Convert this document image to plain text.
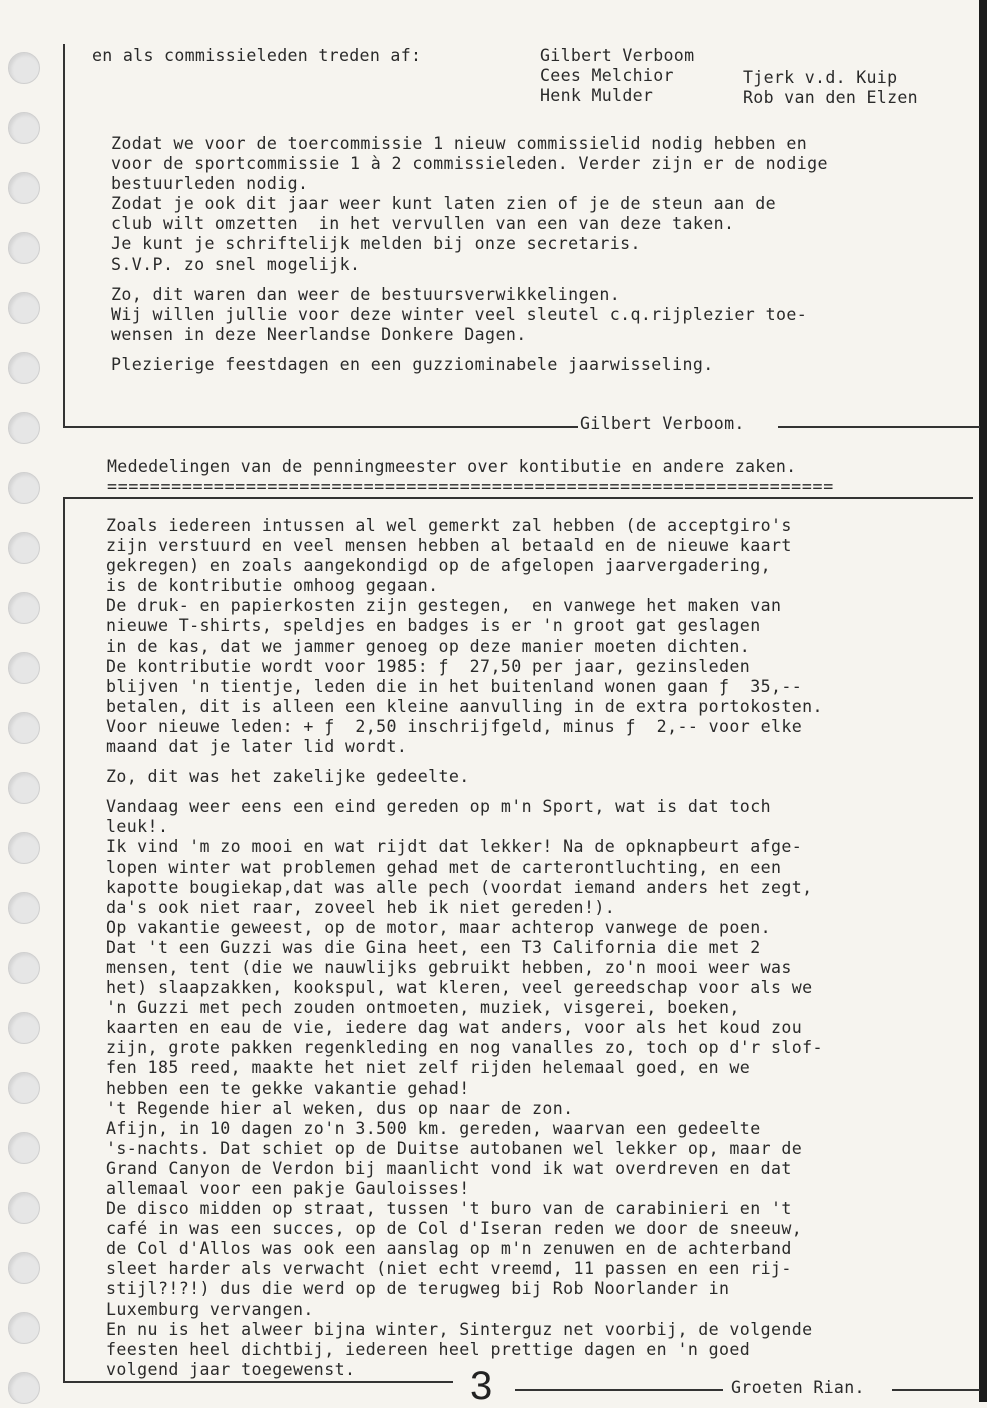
en als commissieleden treden af:	Gilbert Verboom
Cees Melchior
Henk Mulder
Tjerk v.d. Kuip
Rob van den Elzen
Zodat we voor de toercommissie 1 nieuw commissielid nodig hebben en
voor de sportcommissie 1 à 2 commissieleden. Verder zijn er de nodige
bestuurleden nodig.
Zodat je ook dit jaar weer kunt laten zien of je de steun aan de
club wilt omzetten  in het vervullen van een van deze taken.
Je kunt je schriftelijk melden bij onze secretaris.
S.V.P. zo snel mogelijk.
Zo, dit waren dan weer de bestuursverwikkelingen.
Wij willen jullie voor deze winter veel sleutel c.q.rijplezier toe-
wensen in deze Neerlandse Donkere Dagen.
Plezierige feestdagen en een guzziominabele jaarwisseling.
Gilbert Verboom.
Mededelingen van de penningmeester over kontibutie en andere zaken.
====================================================================
Zoals iedereen intussen al wel gemerkt zal hebben (de acceptgiro's
zijn verstuurd en veel mensen hebben al betaald en de nieuwe kaart
gekregen) en zoals aangekondigd op de afgelopen jaarvergadering,
is de kontributie omhoog gegaan.
De druk- en papierkosten zijn gestegen,  en vanwege het maken van
nieuwe T-shirts, speldjes en badges is er 'n groot gat geslagen
in de kas, dat we jammer genoeg op deze manier moeten dichten.
De kontributie wordt voor 1985: ƒ  27,50 per jaar, gezinsleden
blijven 'n tientje, leden die in het buitenland wonen gaan ƒ  35,--
betalen, dit is alleen een kleine aanvulling in de extra portokosten.
Voor nieuwe leden: + ƒ  2,50 inschrijfgeld, minus ƒ  2,-- voor elke
maand dat je later lid wordt.
Zo, dit was het zakelijke gedeelte.
Vandaag weer eens een eind gereden op m'n Sport, wat is dat toch
leuk!.
Ik vind 'm zo mooi en wat rijdt dat lekker! Na de opknapbeurt afge-
lopen winter wat problemen gehad met de carterontluchting, en een
kapotte bougiekap,dat was alle pech (voordat iemand anders het zegt,
da's ook niet raar, zoveel heb ik niet gereden!).
Op vakantie geweest, op de motor, maar achterop vanwege de poen.
Dat 't een Guzzi was die Gina heet, een T3 California die met 2
mensen, tent (die we nauwlijks gebruikt hebben, zo'n mooi weer was
het) slaapzakken, kookspul, wat kleren, veel gereedschap voor als we
'n Guzzi met pech zouden ontmoeten, muziek, visgerei, boeken,
kaarten en eau de vie, iedere dag wat anders, voor als het koud zou
zijn, grote pakken regenkleding en nog vanalles zo, toch op d'r slof-
fen 185 reed, maakte het niet zelf rijden helemaal goed, en we
hebben een te gekke vakantie gehad!
't Regende hier al weken, dus op naar de zon.
Afijn, in 10 dagen zo'n 3.500 km. gereden, waarvan een gedeelte
's-nachts. Dat schiet op de Duitse autobanen wel lekker op, maar de
Grand Canyon de Verdon bij maanlicht vond ik wat overdreven en dat
allemaal voor een pakje Gauloisses!
De disco midden op straat, tussen 't buro van de carabinieri en 't
café in was een succes, op de Col d'Iseran reden we door de sneeuw,
de Col d'Allos was ook een aanslag op m'n zenuwen en de achterband
sleet harder als verwacht (niet echt vreemd, 11 passen en een rij-
stijl?!?!) dus die werd op de terugweg bij Rob Noorlander in
Luxemburg vervangen.
En nu is het alweer bijna winter, Sinterguz net voorbij, de volgende
feesten heel dichtbij, iedereen heel prettige dagen en 'n goed
volgend jaar toegewenst.	3	Groeten Rian.
